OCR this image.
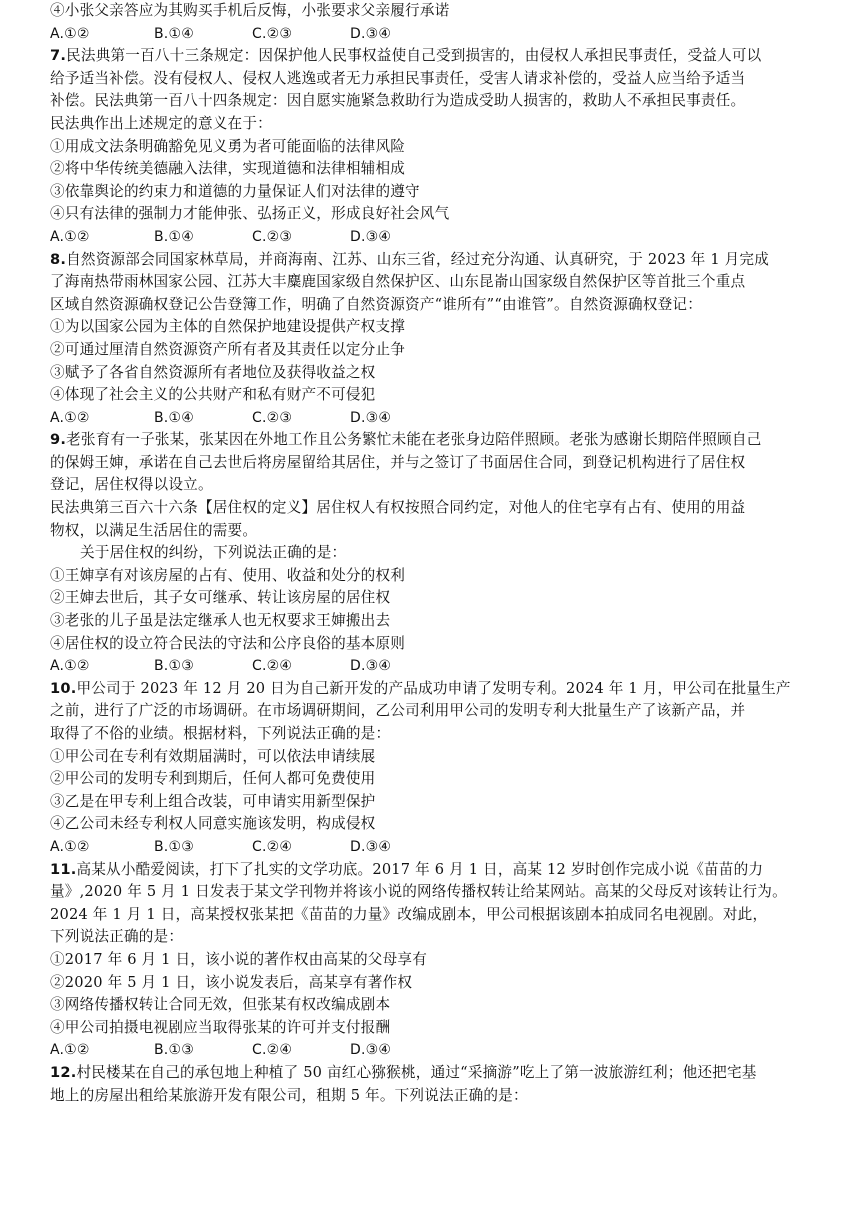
④小张父亲答应为其购买手机后反悔，小张要求父亲履行承诺
A.①②	B.①④	C.②③	D.③④
7.民法典第一百八十三条规定：因保护他人民事权益使自己受到损害的，由侵权人承担民事责任，受益人可以
给予适当补偿。没有侵权人、侵权人逃逸或者无力承担民事责任，受害人请求补偿的，受益人应当给予适当
补偿。民法典第一百八十四条规定：因自愿实施紧急救助行为造成受助人损害的，救助人不承担民事责任。
民法典作出上述规定的意义在于：
①用成文法条明确豁免见义勇为者可能面临的法律风险
②将中华传统美德融入法律，实现道德和法律相辅相成
③依靠舆论的约束力和道德的力量保证人们对法律的遵守
④只有法律的强制力才能伸张、弘扬正义，形成良好社会风气
A.①②	B.①④	C.②③	D.③④
8.自然资源部会同国家林草局，并商海南、江苏、山东三省，经过充分沟通、认真研究，于 2023 年 1 月完成
了海南热带雨林国家公园、江苏大丰麋鹿国家级自然保护区、山东昆嵛山国家级自然保护区等首批三个重点
区域自然资源确权登记公告登簿工作，明确了自然资源资产“谁所有”“由谁管”。自然资源确权登记：
①为以国家公园为主体的自然保护地建设提供产权支撑
②可通过厘清自然资源资产所有者及其责任以定分止争
③赋予了各省自然资源所有者地位及获得收益之权
④体现了社会主义的公共财产和私有财产不可侵犯
A.①②	B.①④	C.②③	D.③④
9.老张育有一子张某，张某因在外地工作且公务繁忙未能在老张身边陪伴照顾。老张为感谢长期陪伴照顾自己
的保姆王婶，承诺在自己去世后将房屋留给其居住，并与之签订了书面居住合同，到登记机构进行了居住权
登记，居住权得以设立。
民法典第三百六十六条【居住权的定义】居住权人有权按照合同约定，对他人的住宅享有占有、使用的用益
物权，以满足生活居住的需要。
关于居住权的纠纷，下列说法正确的是：
①王婶享有对该房屋的占有、使用、收益和处分的权利
②王婶去世后，其子女可继承、转让该房屋的居住权
③老张的儿子虽是法定继承人也无权要求王婶搬出去
④居住权的设立符合民法的守法和公序良俗的基本原则
A.①②	B.①③	C.②④	D.③④
10.甲公司于 2023 年 12 月 20 日为自己新开发的产品成功申请了发明专利。2024 年 1 月，甲公司在批量生产
之前，进行了广泛的市场调研。在市场调研期间，乙公司利用甲公司的发明专利大批量生产了该新产品，并
取得了不俗的业绩。根据材料，下列说法正确的是：
①甲公司在专利有效期届满时，可以依法申请续展
②甲公司的发明专利到期后，任何人都可免费使用
③乙是在甲专利上组合改装，可申请实用新型保护
④乙公司未经专利权人同意实施该发明，构成侵权
A.①②	B.①③	C.②④	D.③④
11.高某从小酷爱阅读，打下了扎实的文学功底。2017 年 6 月 1 日，高某 12 岁时创作完成小说《苗苗的力
量》,2020 年 5 月 1 日发表于某文学刊物并将该小说的网络传播权转让给某网站。高某的父母反对该转让行为。
2024 年 1 月 1 日，高某授权张某把《苗苗的力量》改编成剧本，甲公司根据该剧本拍成同名电视剧。对此，
下列说法正确的是：
①2017 年 6 月 1 日，该小说的著作权由高某的父母享有
②2020 年 5 月 1 日，该小说发表后，高某享有著作权
③网络传播权转让合同无效，但张某有权改编成剧本
④甲公司拍摄电视剧应当取得张某的许可并支付报酬
A.①②	B.①③	C.②④	D.③④
12.村民楼某在自己的承包地上种植了 50 亩红心猕猴桃，通过“采摘游”吃上了第一波旅游红利；他还把宅基
地上的房屋出租给某旅游开发有限公司，租期 5 年。下列说法正确的是：
